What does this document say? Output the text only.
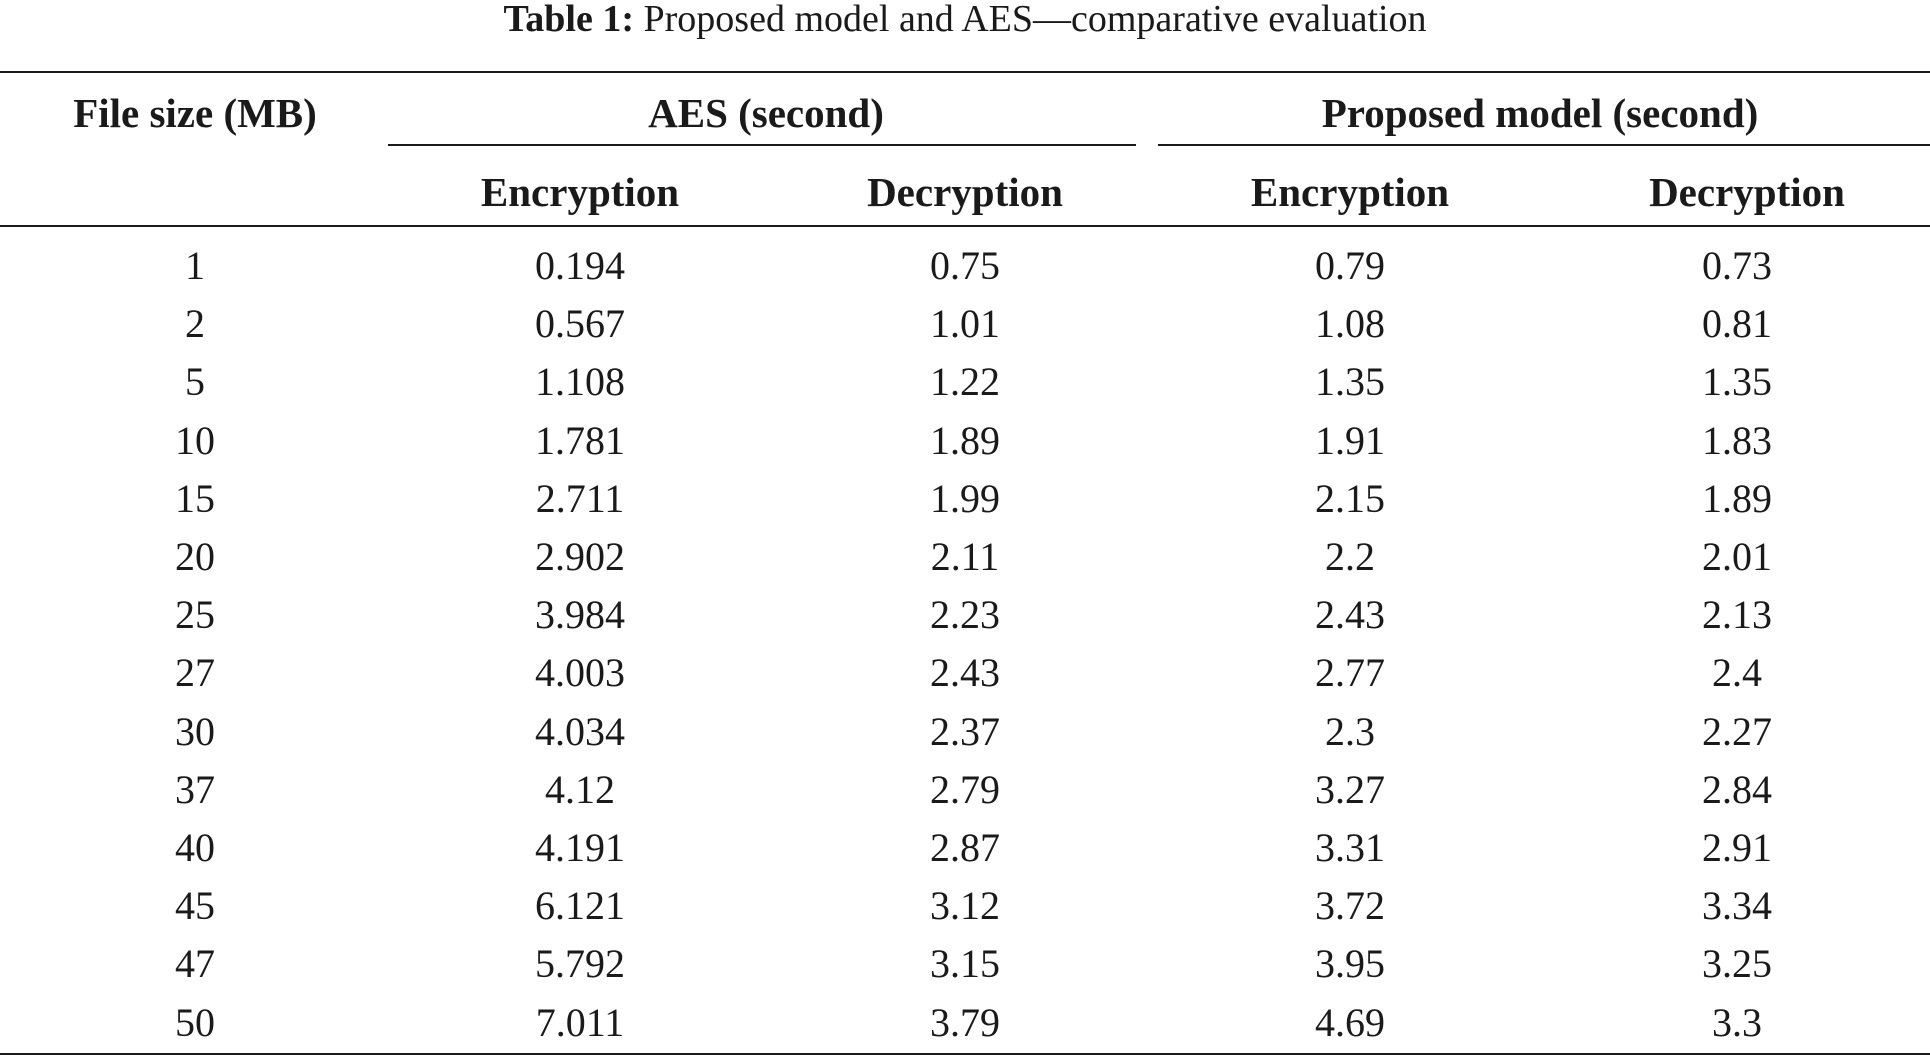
Table 1: Proposed model and AES—comparative evaluation
File size (MB)	AES (second)	Proposed model (second)
Encryption	Decryption	Encryption	Decryption
1	0.194	0.75	0.79	0.73
2	0.567	1.01	1.08	0.81
5	1.108	1.22	1.35	1.35
10	1.781	1.89	1.91	1.83
15	2.711	1.99	2.15	1.89
20	2.902	2.11	2.2	2.01
25	3.984	2.23	2.43	2.13
27	4.003	2.43	2.77	2.4
30	4.034	2.37	2.3	2.27
37	4.12	2.79	3.27	2.84
40	4.191	2.87	3.31	2.91
45	6.121	3.12	3.72	3.34
47	5.792	3.15	3.95	3.25
50	7.011	3.79	4.69	3.3
